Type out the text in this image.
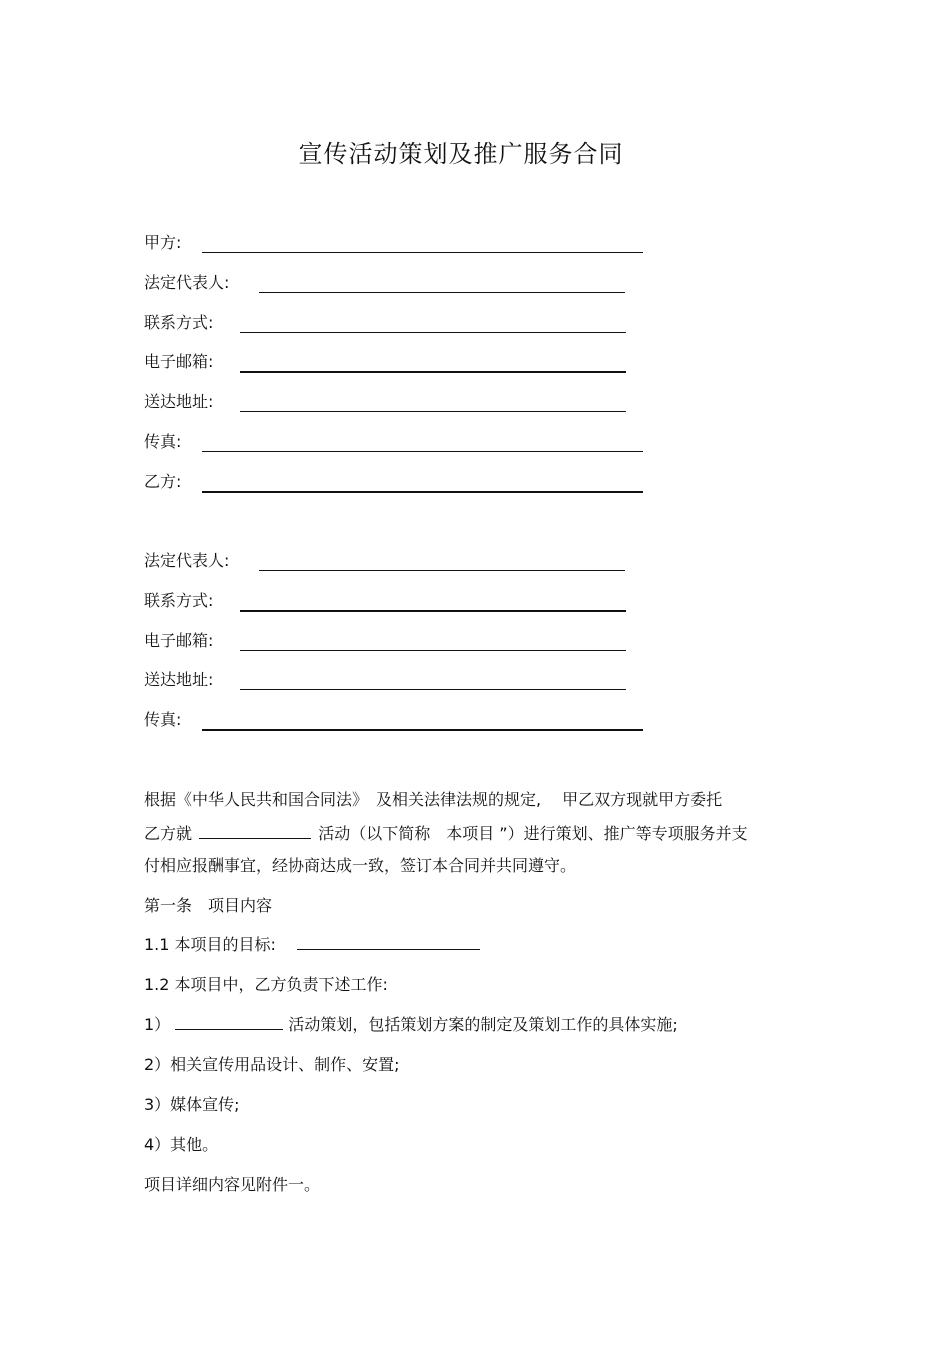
宣传活动策划及推广服务合同
甲方:
法定代表人:
联系方式:
电子邮箱:
送达地址:
传真:
乙方:
法定代表人:
联系方式:
电子邮箱:
送达地址:
传真:
根据《中华人民共和国合同法》　及相关法律法规的规定,　 甲乙双方现就甲方委托
乙方就	活动（以下简称　本项目 ”）进行策划、推广等专项服务并支
付相应报酬事宜，经协商达成一致，签订本合同并共同遵守。
第一条　项目内容
1.1 本项目的目标:
1.2 本项目中，乙方负责下述工作:
1）	活动策划，包括策划方案的制定及策划工作的具体实施;
2）相关宣传用品设计、制作、安置;
3）媒体宣传;
4）其他。
项目详细内容见附件一。
